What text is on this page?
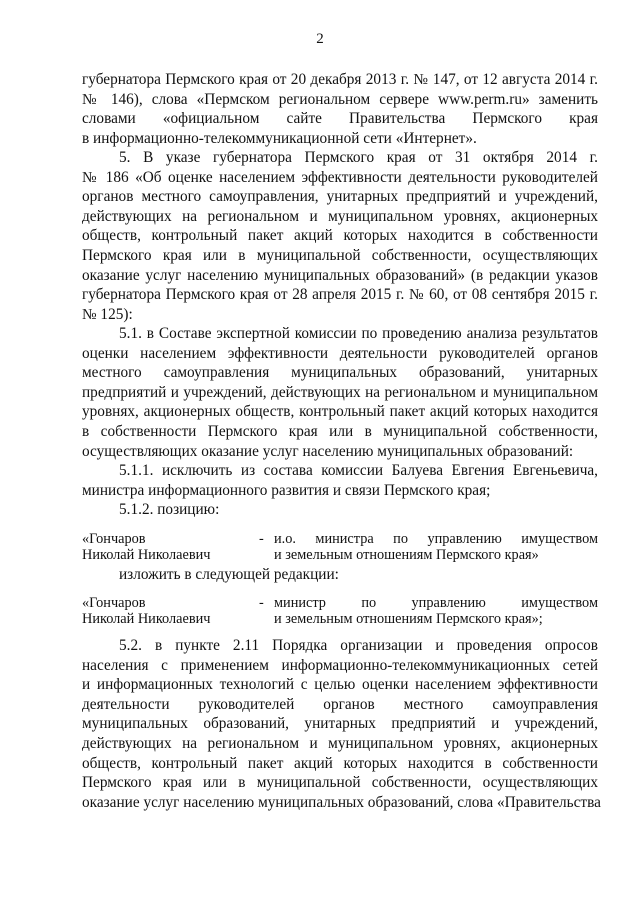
2
губернатора Пермского края от 20 декабря 2013 г. № 147, от 12 августа 2014 г.
№ 146), слова «Пермском региональном сервере www.perm.ru» заменить
словами «официальном сайте Правительства Пермского края
в информационно-телекоммуникационной сети «Интернет».
5. В указе губернатора Пермского края от 31 октября 2014 г.
№ 186 «Об оценке населением эффективности деятельности руководителей
органов местного самоуправления, унитарных предприятий и учреждений,
действующих на региональном и муниципальном уровнях, акционерных
обществ, контрольный пакет акций которых находится в собственности
Пермского края или в муниципальной собственности, осуществляющих
оказание услуг населению муниципальных образований» (в редакции указов
губернатора Пермского края от 28 апреля 2015 г. № 60, от 08 сентября 2015 г.
№ 125):
5.1. в Составе экспертной комиссии по проведению анализа результатов
оценки населением эффективности деятельности руководителей органов
местного самоуправления муниципальных образований, унитарных
предприятий и учреждений, действующих на региональном и муниципальном
уровнях, акционерных обществ, контрольный пакет акций которых находится
в собственности Пермского края или в муниципальной собственности,
осуществляющих оказание услуг населению муниципальных образований:
5.1.1. исключить из состава комиссии Балуева Евгения Евгеньевича,
министра информационного развития и связи Пермского края;
5.1.2. позицию:
«Гончаров
Николай Николаевич
- и.о. министра по управлению имуществом
и земельным отношениям Пермского края»
изложить в следующей редакции:
«Гончаров
Николай Николаевич
- министр по управлению имуществом
и земельным отношениям Пермского края»;
5.2. в пункте 2.11 Порядка организации и проведения опросов
населения с применением информационно-телекоммуникационных сетей
и информационных технологий с целью оценки населением эффективности
деятельности руководителей органов местного самоуправления
муниципальных образований, унитарных предприятий и учреждений,
действующих на региональном и муниципальном уровнях, акционерных
обществ, контрольный пакет акций которых находится в собственности
Пермского края или в муниципальной собственности, осуществляющих
оказание услуг населению муниципальных образований, слова «Правительства
